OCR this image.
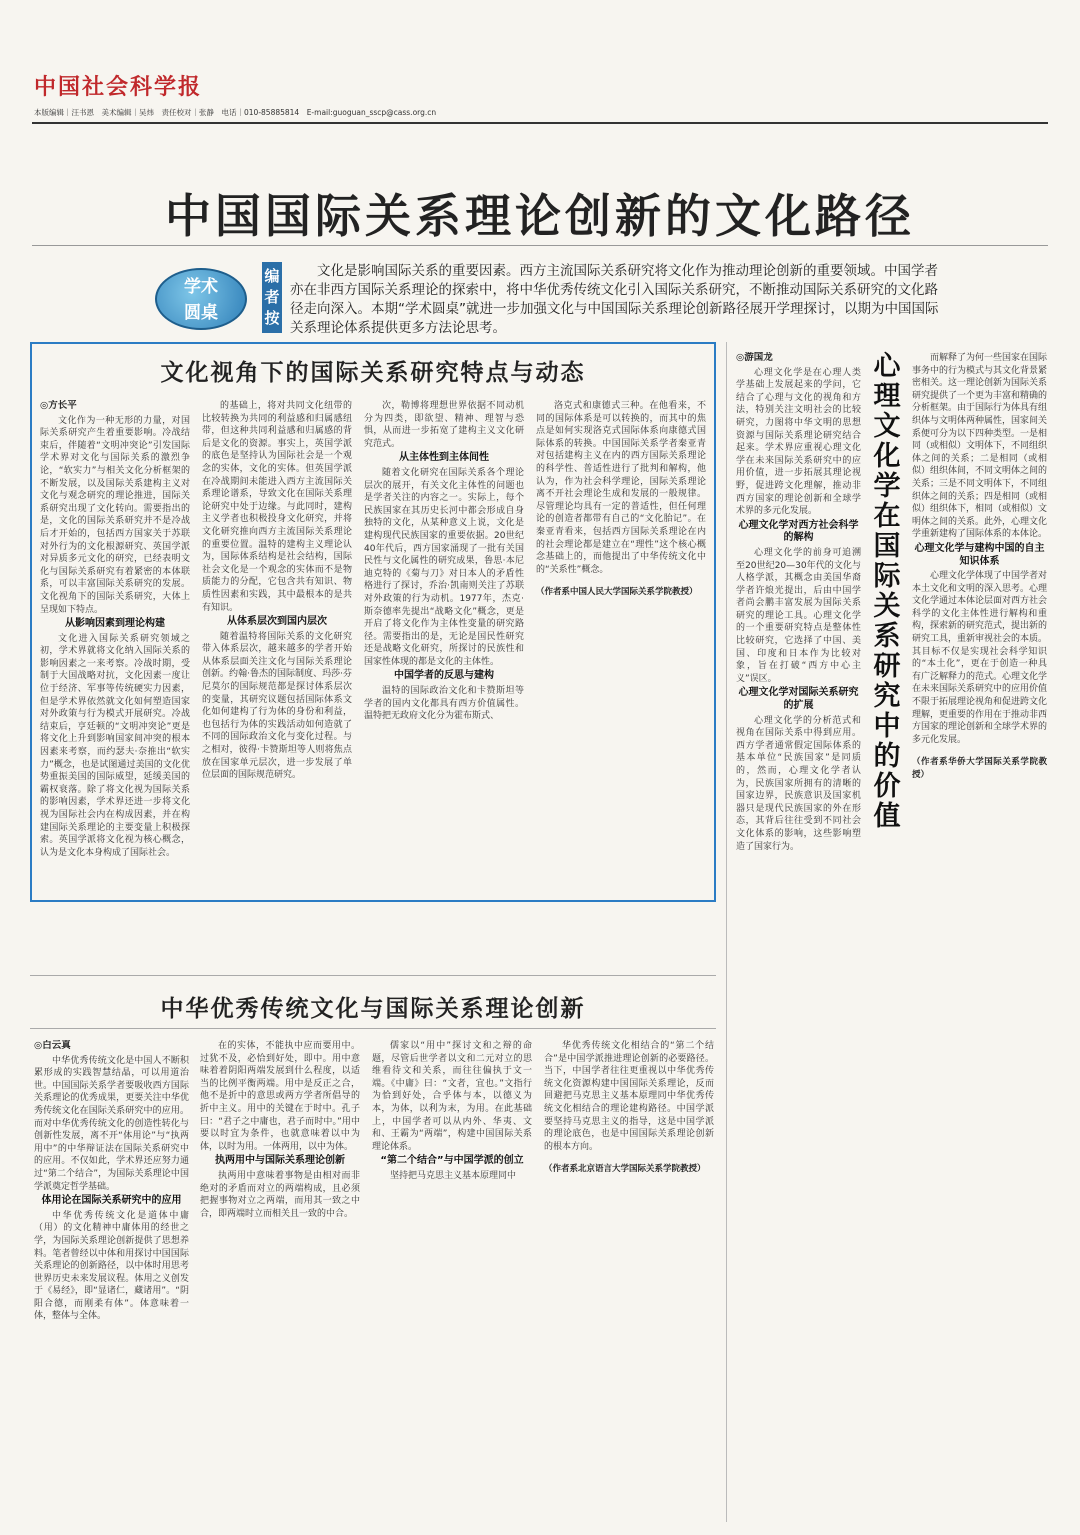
中国社会科学报
本版编辑｜汪书恩　美术编辑｜吴炜　责任校对｜张静　电话｜010-85885814　E-mail:guoguan_sscp@cass.org.cn
中国国际关系理论创新的文化路径
学术
圆桌
编者按
文化是影响国际关系的重要因素。西方主流国际关系研究将文化作为推动理论创新的重要领域。中国学者亦在非西方国际关系理论的探索中，将中华优秀传统文化引入国际关系研究，不断推动国际关系研究的文化路径走向深入。本期“学术圆桌”就进一步加强文化与中国国际关系理论创新路径展开学理探讨，以期为中国国际关系理论体系提供更多方法论思考。
文化视角下的国际关系研究特点与动态

◎方长平

文化作为一种无形的力量，对国际关系研究产生着重要影响。冷战结束后，伴随着“文明冲突论”引发国际学术界对文化与国际关系的激烈争论，“软实力”与相关文化分析框架的不断发展，以及国际关系建构主义对文化与观念研究的理论推进，国际关系研究出现了文化转向。需要指出的是，文化的国际关系研究并不是冷战后才开始的，包括西方国家关于苏联对外行为的文化根源研究、英国学派对异质多元文化的研究，已经表明文化与国际关系研究有着紧密的本体联系，可以丰富国际关系研究的发展。文化视角下的国际关系研究，大体上呈现如下特点。

从影响因素到理论构建

文化进入国际关系研究领域之初，学术界就将文化纳入国际关系的影响因素之一来考察。冷战时期，受制于大国战略对抗，文化因素一度让位于经济、军事等传统硬实力因素，但是学术界依然就文化如何塑造国家对外政策与行为模式开展研究。冷战结束后，亨廷顿的“文明冲突论”更是将文化上升到影响国家间冲突的根本因素来考察，而约瑟夫·奈推出“软实力”概念，也是试图通过美国的文化优势重振美国的国际威望，延缓美国的霸权衰落。除了将文化视为国际关系的影响因素，学术界还进一步将文化视为国际社会内在构成因素，并在构建国际关系理论的主要变量上积极探索。英国学派将文化视为核心概念，认为是文化本身构成了国际社会。

的基础上，将对共同文化纽带的比较转换为共同的利益感和归属感纽带，但这种共同利益感和归属感的背后是文化的资源。事实上，英国学派的底色是坚持认为国际社会是一个观念的实体，文化的实体。但英国学派在冷战期间未能进入西方主流国际关系理论谱系，导致文化在国际关系理论研究中处于边缘。与此同时，建构主义学者也积极投身文化研究，并将文化研究推向西方主流国际关系理论的重要位置。温特的建构主义理论认为，国际体系结构是社会结构，国际社会文化是一个观念的实体而不是物质能力的分配，它包含共有知识、物质性因素和实践，其中最根本的是共有知识。

从体系层次到国内层次

随着温特将国际关系的文化研究带入体系层次，越来越多的学者开始从体系层面关注文化与国际关系理论创新。约翰·鲁杰的国际制度、玛莎·芬尼莫尔的国际规范都是探讨体系层次的变量，其研究议题包括国际体系文化如何建构了行为体的身份和利益，也包括行为体的实践活动如何造就了不同的国际政治文化与变化过程。与之相对，彼得·卡赞斯坦等人则将焦点放在国家单元层次，进一步发展了单位层面的国际规范研究。

次，勒博将理想世界依据不同动机分为四类，即欲望、精神、理智与恐惧，从而进一步拓宽了建构主义文化研究范式。

从主体性到主体间性

随着文化研究在国际关系各个理论层次的展开，有关文化主体性的问题也是学者关注的内容之一。实际上，每个民族国家在其历史长河中都会形成自身独特的文化，从某种意义上说，文化是建构现代民族国家的重要依据。20世纪40年代后，西方国家涌现了一批有关国民性与文化属性的研究成果，鲁思·本尼迪克特的《菊与刀》对日本人的矛盾性格进行了探讨，乔治·凯南则关注了苏联对外政策的行为动机。1977年，杰克·斯奈德率先提出“战略文化”概念，更是开启了将文化作为主体性变量的研究路径。需要指出的是，无论是国民性研究还是战略文化研究，所探讨的民族性和国家性体现的都是文化的主体性。

中国学者的反思与建构

温特的国际政治文化和卡赞斯坦等学者的国内文化都具有西方价值属性。温特把无政府文化分为霍布斯式、

洛克式和康德式三种。在他看来，不同的国际体系是可以转换的，而其中的焦点是如何实现洛克式国际体系向康德式国际体系的转换。中国国际关系学者秦亚青对包括建构主义在内的西方国际关系理论的科学性、普适性进行了批判和解构，他认为，作为社会科学理论，国际关系理论离不开社会理论生成和发展的一般规律。尽管理论均具有一定的普适性，但任何理论的创造者都带有自己的“文化胎记”。在秦亚青看来，包括西方国际关系理论在内的社会理论都是建立在“理性”这个核心概念基础上的，而他提出了中华传统文化中的“关系性”概念。

（作者系中国人民大学国际关系学院教授）

中华优秀传统文化与国际关系理论创新

◎白云真

中华优秀传统文化是中国人不断积累形成的实践智慧结晶，可以用道治世。中国国际关系学者要吸收西方国际关系理论的优秀成果，更要关注中华优秀传统文化在国际关系研究中的应用。而对中华优秀传统文化的创造性转化与创新性发展，离不开“体用论”与“执两用中”的中华辩证法在国际关系研究中的应用。不仅如此，学术界还应努力通过“第二个结合”，为国际关系理论中国学派奠定哲学基础。

体用论在国际关系研究中的应用

中华优秀传统文化是道体中庸（用）的文化精神中庸体用的经世之学，为国际关系理论创新提供了思想养料。笔者曾经以中体和用探讨中国国际关系理论的创新路径，以中体时用思考世界历史未来发展议程。体用之义创发于《易经》，即“显诸仁，藏诸用”。“阴阳合德，而刚柔有体”。体意味着一体，整体与全体。

在的实体，不能执中应而要用中。过犹不及，必恰到好处，即中。用中意味着着阴阳两端发展到什么程度，以适当的比例平衡两端。用中是反正之合，他不是折中的意思或两方学者所倡导的折中主义。用中的关键在于时中。孔子曰：“君子之中庸也，君子而时中。”用中要以时宜为条件，也就意味着以中为体，以时为用。一体两用，以中为体。

执两用中与国际关系理论创新

执两用中意味着事物是由相对而非绝对的矛盾而对立的两端构成，且必须把握事物对立之两端，而用其一致之中合，即两端时立而相关且一致的中合。

儒家以“用中”探讨文和之辩的命题，尽管后世学者以文和二元对立的思维看待文和关系，而往往偏执于文一端。《中庸》曰：“文者，宜也。”文指行为恰到好处，合乎体与本，以德义为本，为体，以利为末，为用。在此基础上，中国学者可以从内外、华夷、文和、王霸为“两端”，构建中国国际关系理论体系。

“第二个结合”与中国学派的创立

坚持把马克思主义基本原理同中

华优秀传统文化相结合的“第二个结合”是中国学派推进理论创新的必要路径。当下，中国学者往往更重视以中华优秀传统文化资源构建中国国际关系理论，反而回避把马克思主义基本原理同中华优秀传统文化相结合的理论建构路径。中国学派要坚持马克思主义的指导，这是中国学派的理论底色，也是中国国际关系理论创新的根本方向。

（作者系北京语言大学国际关系学院教授）

◎游国龙

心理文化学是在心理人类学基础上发展起来的学问，它结合了心理与文化的视角和方法，特别关注文明社会的比较研究，力图将中华文明的思想资源与国际关系理论研究结合起来。学术界应重视心理文化学在未来国际关系研究中的应用价值，进一步拓展其理论视野，促进跨文化理解，推动非西方国家的理论创新和全球学术界的多元化发展。

心理文化学对西方社会科学的解构

心理文化学的前身可追溯至20世纪20—30年代的文化与人格学派，其概念由美国华裔学者许烺光提出，后由中国学者尚会鹏丰富发展为国际关系研究的理论工具。心理文化学的一个重要研究特点是整体性比较研究，它选择了中国、美国、印度和日本作为比较对象，旨在打破“西方中心主义”误区。

心理文化学对国际关系研究的扩展

心理文化学的分析范式和视角在国际关系中得到应用。西方学者通常假定国际体系的基本单位“民族国家”是同质的，然而，心理文化学者认为，民族国家所拥有的清晰的国家边界，民族意识及国家机器只是现代民族国家的外在形态，其背后往往受到不同社会文化体系的影响，这些影响塑造了国家行为。

心理文化学在国际关系研究中的价值

而解释了为何一些国家在国际事务中的行为模式与其文化背景紧密相关。这一理论创新为国际关系研究提供了一个更为丰富和精确的分析框架。由于国际行为体具有组织体与文明体两种属性，国家间关系便可分为以下四种类型。一是相同（或相似）文明体下，不同组织体之间的关系；二是相同（或相似）组织体间，不同文明体之间的关系；三是不同文明体下，不同组织体之间的关系；四是相同（或相似）组织体下，相同（或相似）文明体之间的关系。此外，心理文化学重新建构了国际体系的本体论。

心理文化学与建构中国的自主知识体系

心理文化学体现了中国学者对本土文化和文明的深入思考。心理文化学通过本体论层面对西方社会科学的文化主体性进行解构和重构，探索新的研究范式，提出新的研究工具，重新审视社会的本质。其目标不仅是实现社会科学知识的“本土化”，更在于创造一种具有广泛解释力的范式。心理文化学在未来国际关系研究中的应用价值不限于拓展理论视角和促进跨文化理解，更重要的作用在于推动非西方国家的理论创新和全球学术界的多元化发展。

（作者系华侨大学国际关系学院教授）
